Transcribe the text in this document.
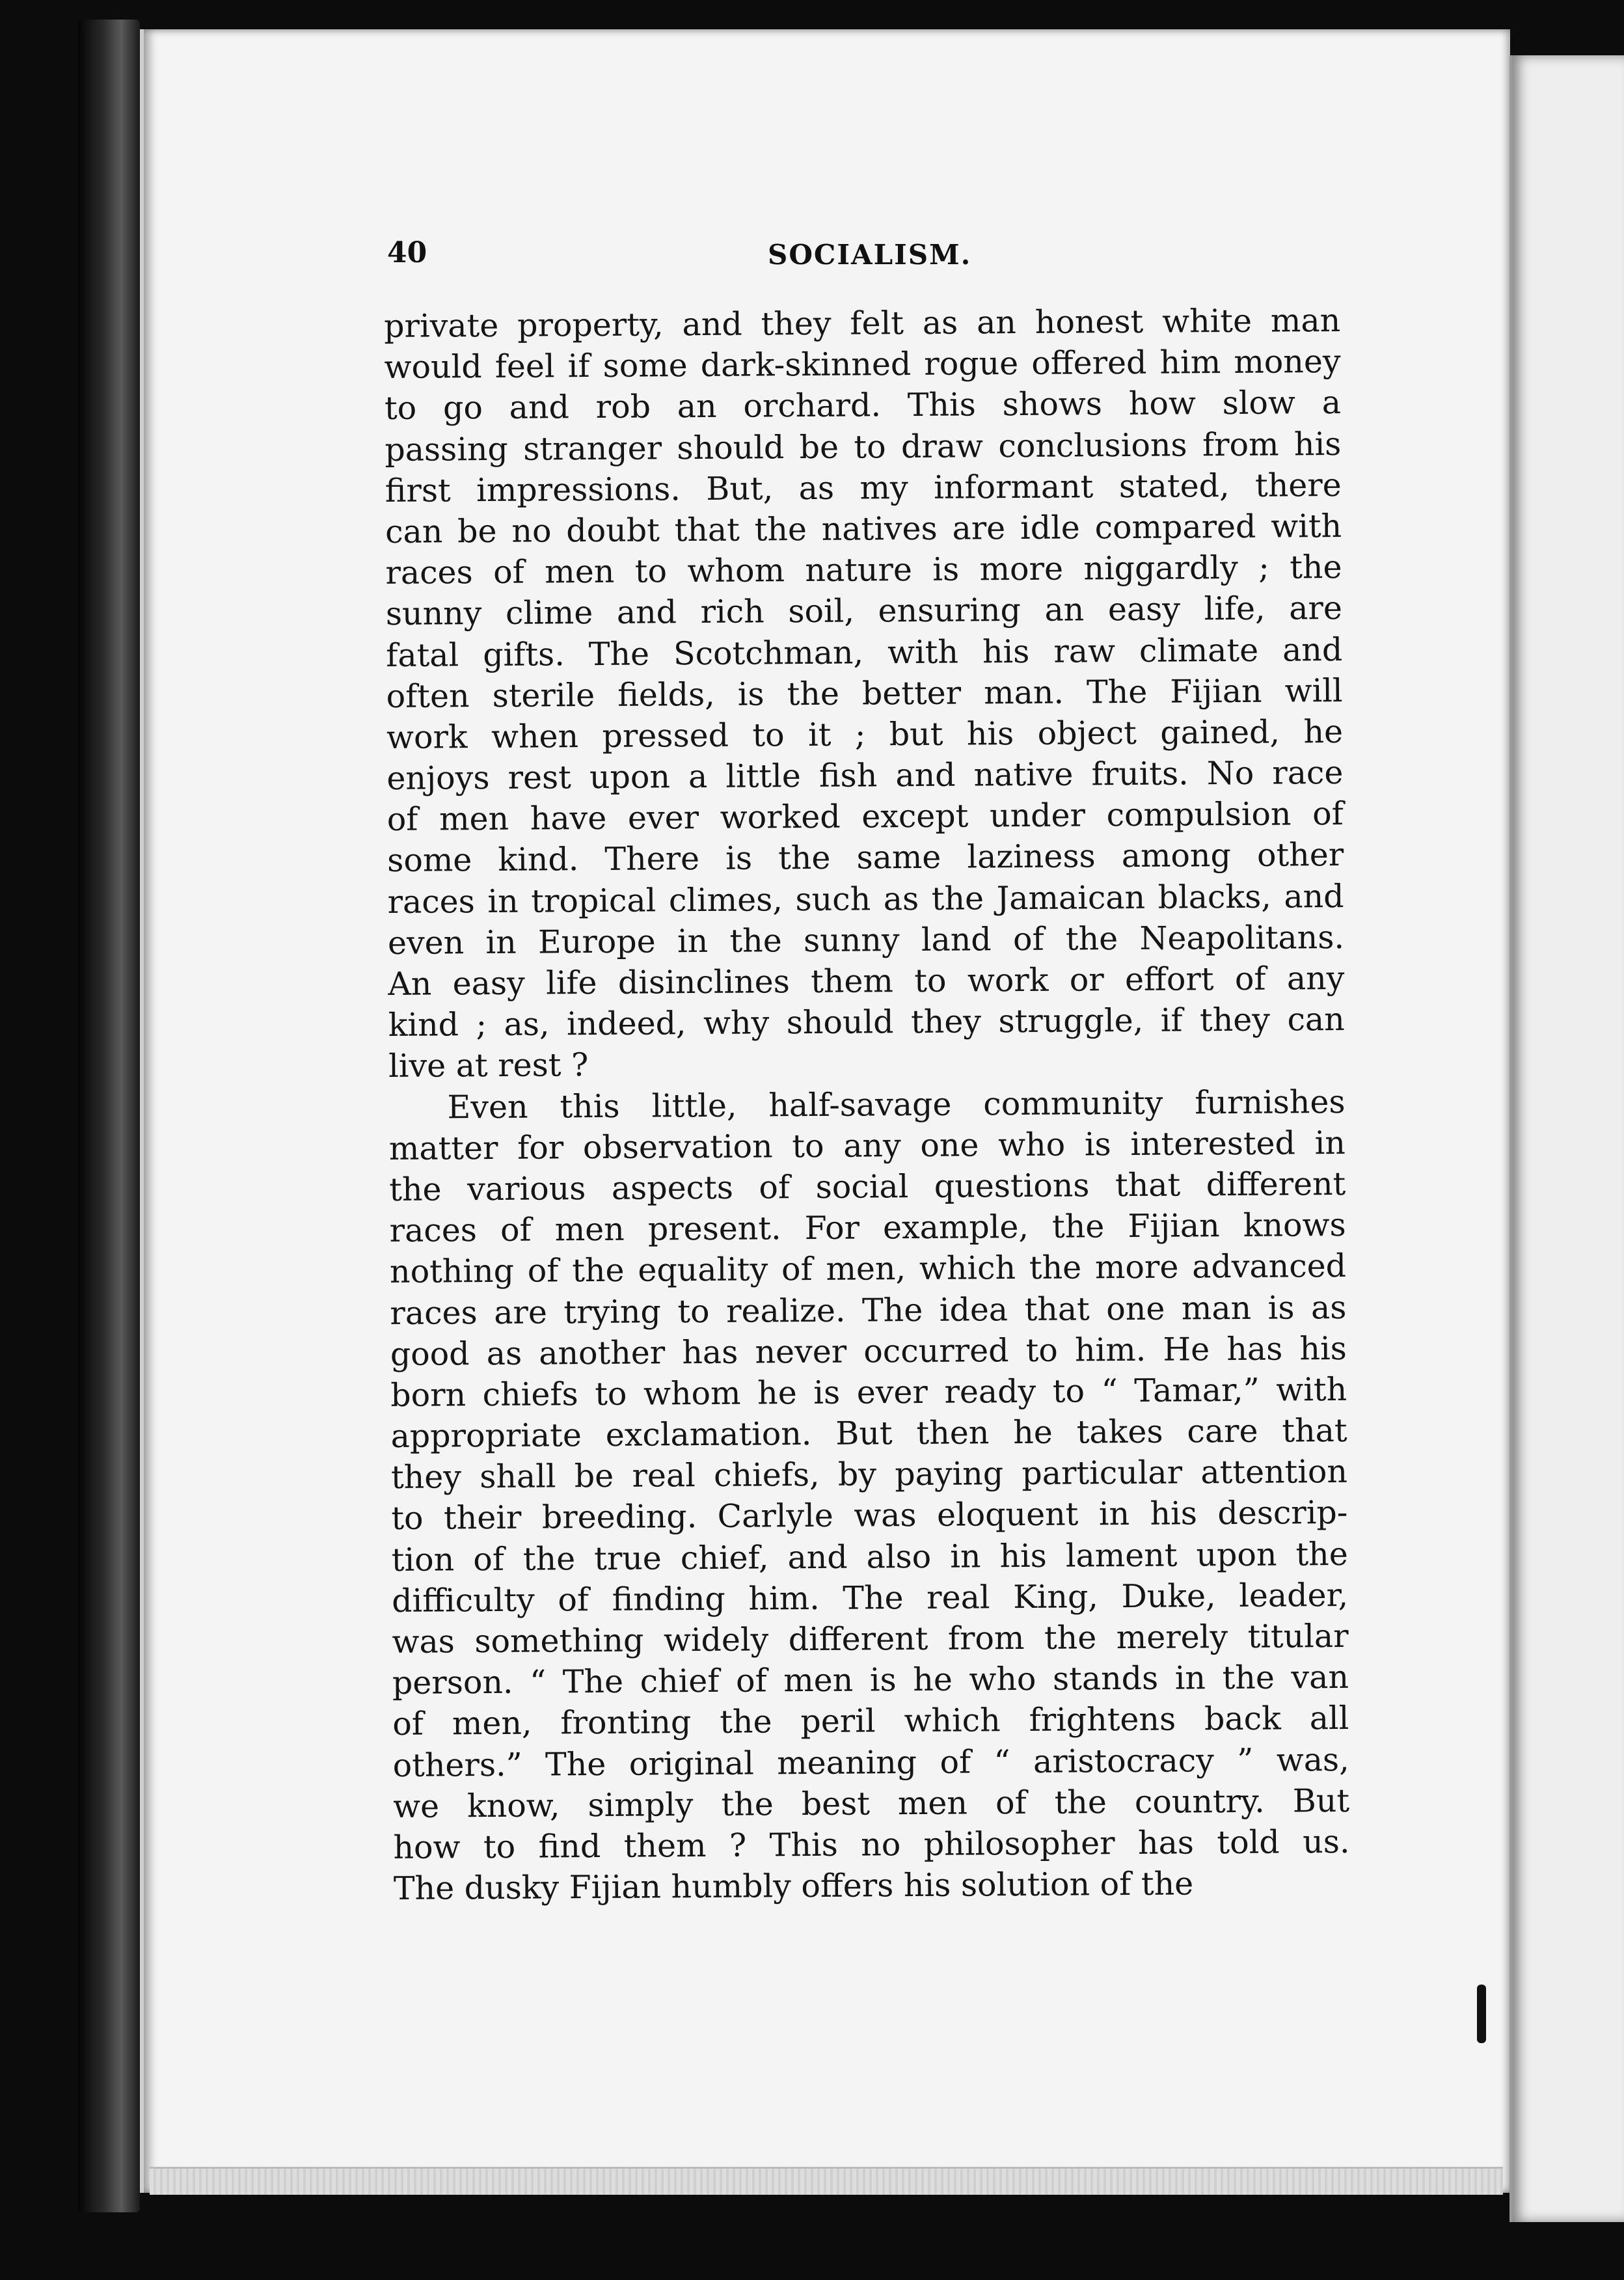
40	SOCIALISM.
private property, and they felt as an honest white man
would feel if some dark-skinned rogue offered him money
to go and rob an orchard. This shows how slow a
passing stranger should be to draw conclusions from his
first impressions. But, as my informant stated, there
can be no doubt that the natives are idle compared with
races of men to whom nature is more niggardly ; the
sunny clime and rich soil, ensuring an easy life, are
fatal gifts. The Scotchman, with his raw climate and
often sterile fields, is the better man. The Fijian will
work when pressed to it ; but his object gained, he
enjoys rest upon a little fish and native fruits. No race
of men have ever worked except under compulsion of
some kind. There is the same laziness among other
races in tropical climes, such as the Jamaican blacks, and
even in Europe in the sunny land of the Neapolitans.
An easy life disinclines them to work or effort of any
kind ; as, indeed, why should they struggle, if they can
live at rest ?
Even this little, half-savage community furnishes
matter for observation to any one who is interested in
the various aspects of social questions that different
races of men present. For example, the Fijian knows
nothing of the equality of men, which the more advanced
races are trying to realize. The idea that one man is as
good as another has never occurred to him. He has his
born chiefs to whom he is ever ready to “ Tamar,” with
appropriate exclamation. But then he takes care that
they shall be real chiefs, by paying particular attention
to their breeding. Carlyle was eloquent in his descrip-
tion of the true chief, and also in his lament upon the
difficulty of finding him. The real King, Duke, leader,
was something widely different from the merely titular
person. “ The chief of men is he who stands in the van
of men, fronting the peril which frightens back all
others.” The original meaning of “ aristocracy ” was,
we know, simply the best men of the country. But
how to find them ? This no philosopher has told us.
The dusky Fijian humbly offers his solution of the
